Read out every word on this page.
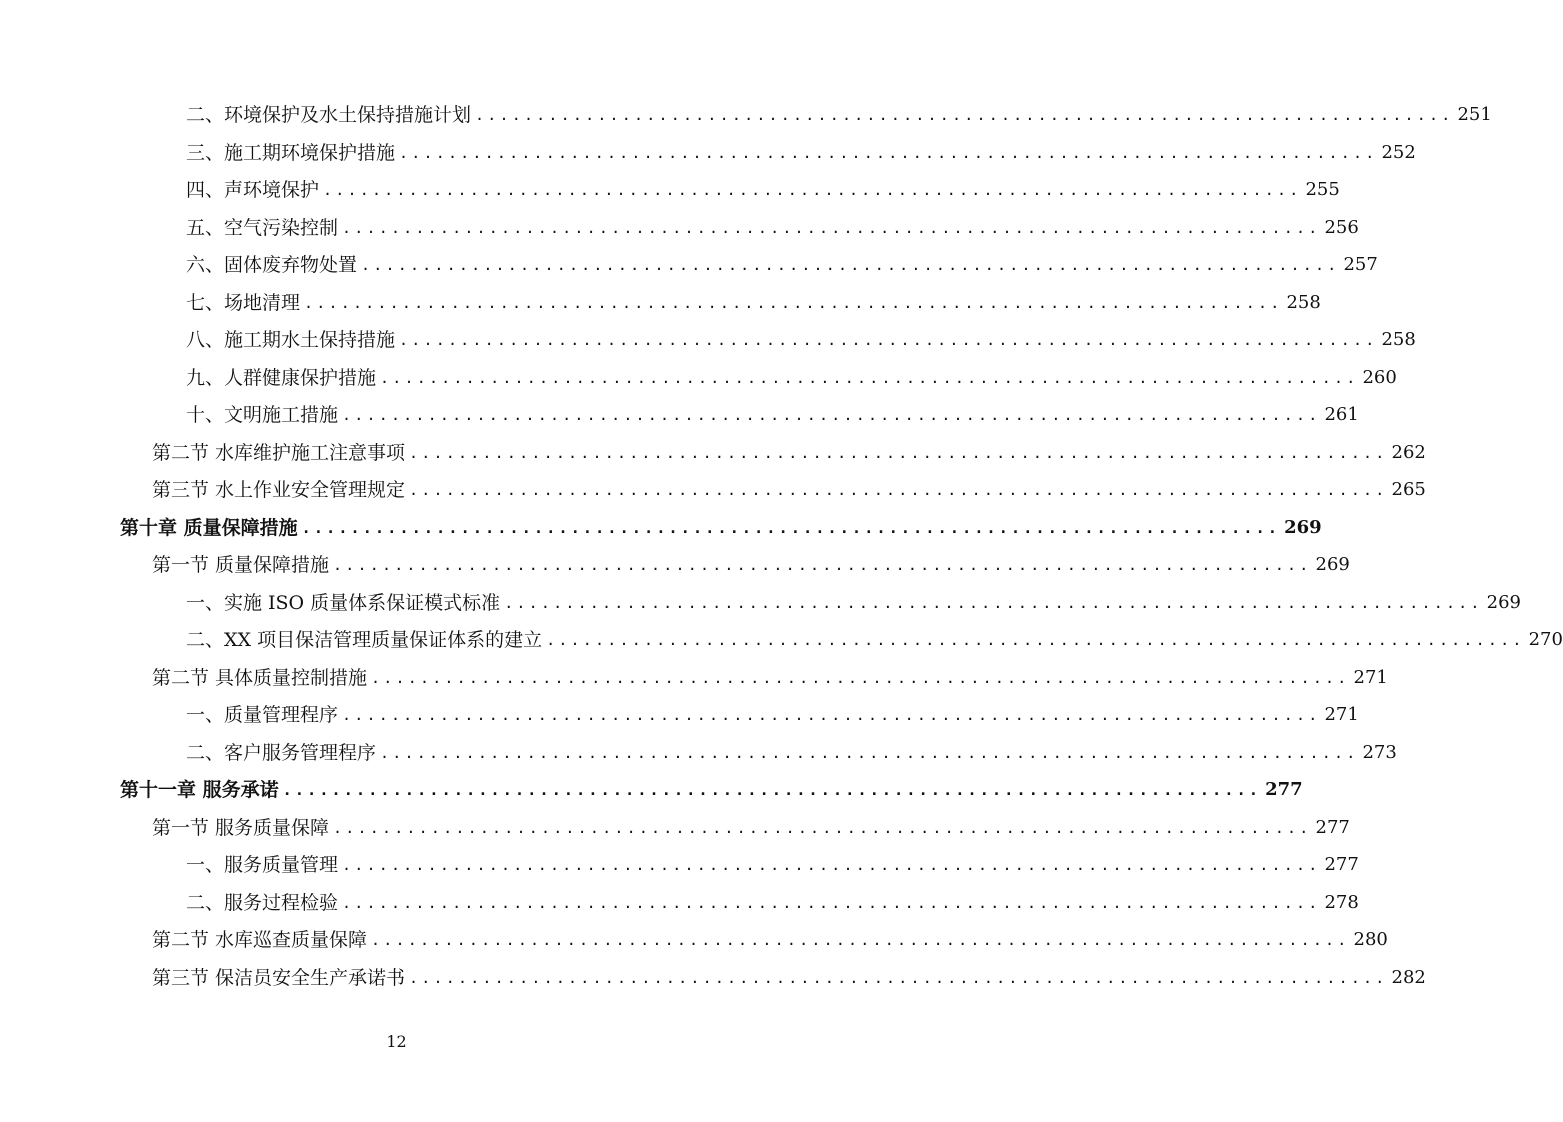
二、环境保护及水土保持措施计划 ................................................................................ 251
三、施工期环境保护措施 ................................................................................ 252
四、声环境保护 ................................................................................ 255
五、空气污染控制 ................................................................................ 256
六、固体废弃物处置 ................................................................................ 257
七、场地清理 ................................................................................ 258
八、施工期水土保持措施 ................................................................................ 258
九、人群健康保护措施 ................................................................................ 260
十、文明施工措施 ................................................................................ 261
第二节 水库维护施工注意事项 ................................................................................ 262
第三节 水上作业安全管理规定 ................................................................................ 265
第十章 质量保障措施 ................................................................................ 269
第一节 质量保障措施 ................................................................................ 269
一、实施 ISO 质量体系保证模式标准 ................................................................................ 269
二、XX 项目保洁管理质量保证体系的建立 ................................................................................ 270
第二节 具体质量控制措施 ................................................................................ 271
一、质量管理程序 ................................................................................ 271
二、客户服务管理程序 ................................................................................ 273
第十一章 服务承诺 ................................................................................ 277
第一节 服务质量保障 ................................................................................ 277
一、服务质量管理 ................................................................................ 277
二、服务过程检验 ................................................................................ 278
第二节 水库巡查质量保障 ................................................................................ 280
第三节 保洁员安全生产承诺书 ................................................................................ 282
12
